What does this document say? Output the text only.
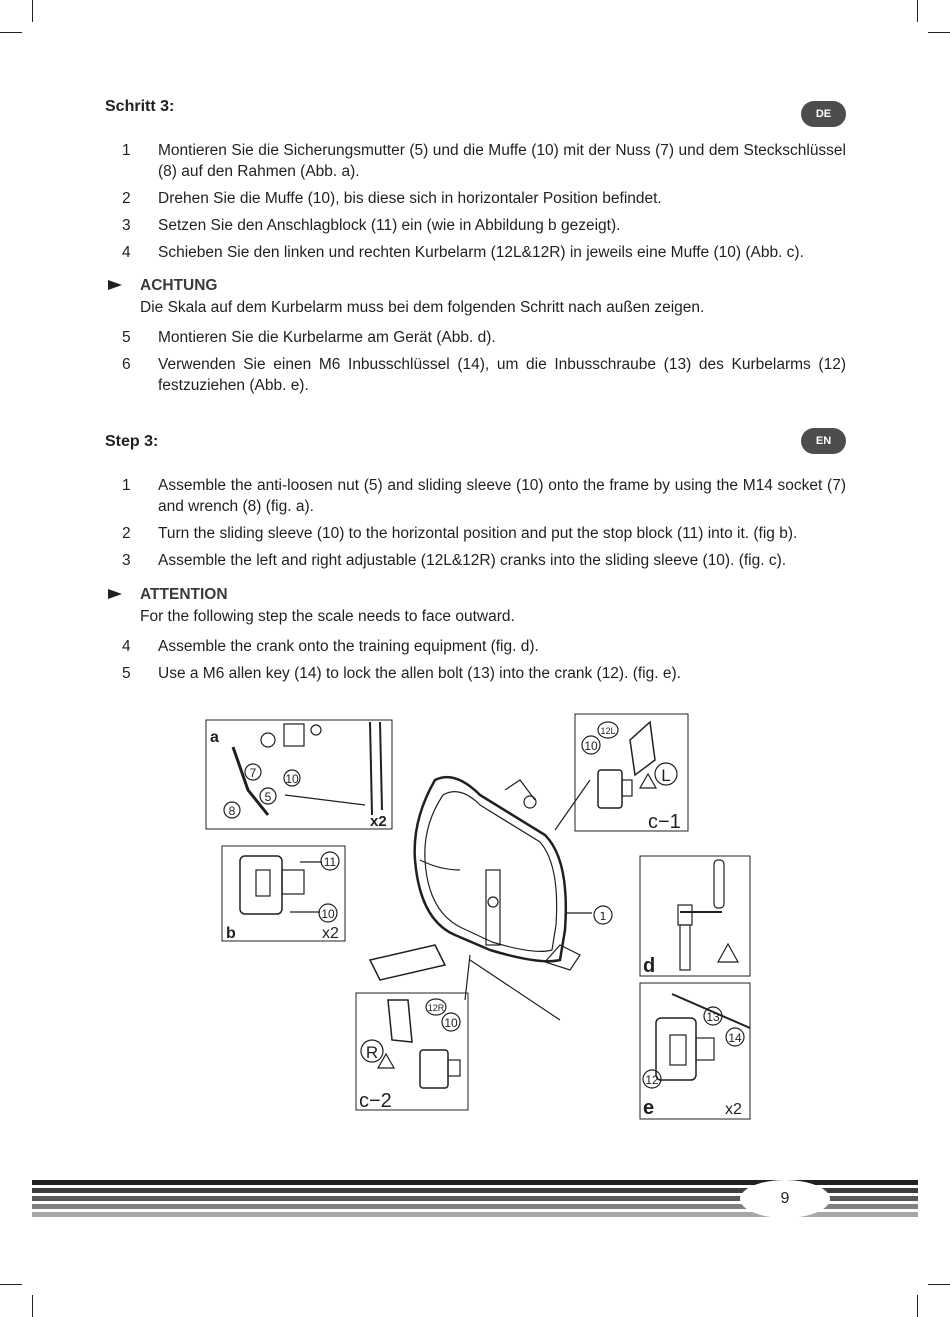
Schritt 3:	DE
1	Montieren Sie die Sicherungsmutter (5) und die Muffe (10) mit der Nuss (7) und dem Steckschlüssel (8) auf den Rahmen (Abb. a).
2	Drehen Sie die Muffe (10), bis diese sich in horizontaler Position befindet.
3	Setzen Sie den Anschlagblock (11) ein (wie in Abbildung b gezeigt).
4	Schieben Sie den linken und rechten Kurbelarm (12L&12R) in jeweils eine Muffe (10) (Abb. c).
ACHTUNG
Die Skala auf dem Kurbelarm muss bei dem folgenden Schritt nach außen zeigen.
5	Montieren Sie die Kurbelarme am Gerät (Abb. d).
6	Verwenden Sie einen M6 Inbusschlüssel (14), um die Inbusschraube (13) des Kurbelarms (12) festzuziehen (Abb. e).
Step 3:	EN
1	Assemble the anti-loosen nut (5) and sliding sleeve (10) onto the frame by using the M14 socket (7) and wrench (8) (fig. a).
2	Turn the sliding sleeve (10) to the horizontal position and put the stop block (11) into it. (fig b).
3	Assemble the left and right adjustable (12L&12R) cranks into the sliding sleeve (10). (fig. c).
ATTENTION
For the following step the scale needs to face outward.
4	Assemble the crank onto the training equipment (fig. d).
5	Use a M6 allen key (14) to lock the allen bolt (13) into the crank (12). (fig. e).
1
a
7 10
5
8
x2
11
10
b	x2
L
12L
10
c−1
R
12R
10
c−2
d
13
14
12
e	x2
9
